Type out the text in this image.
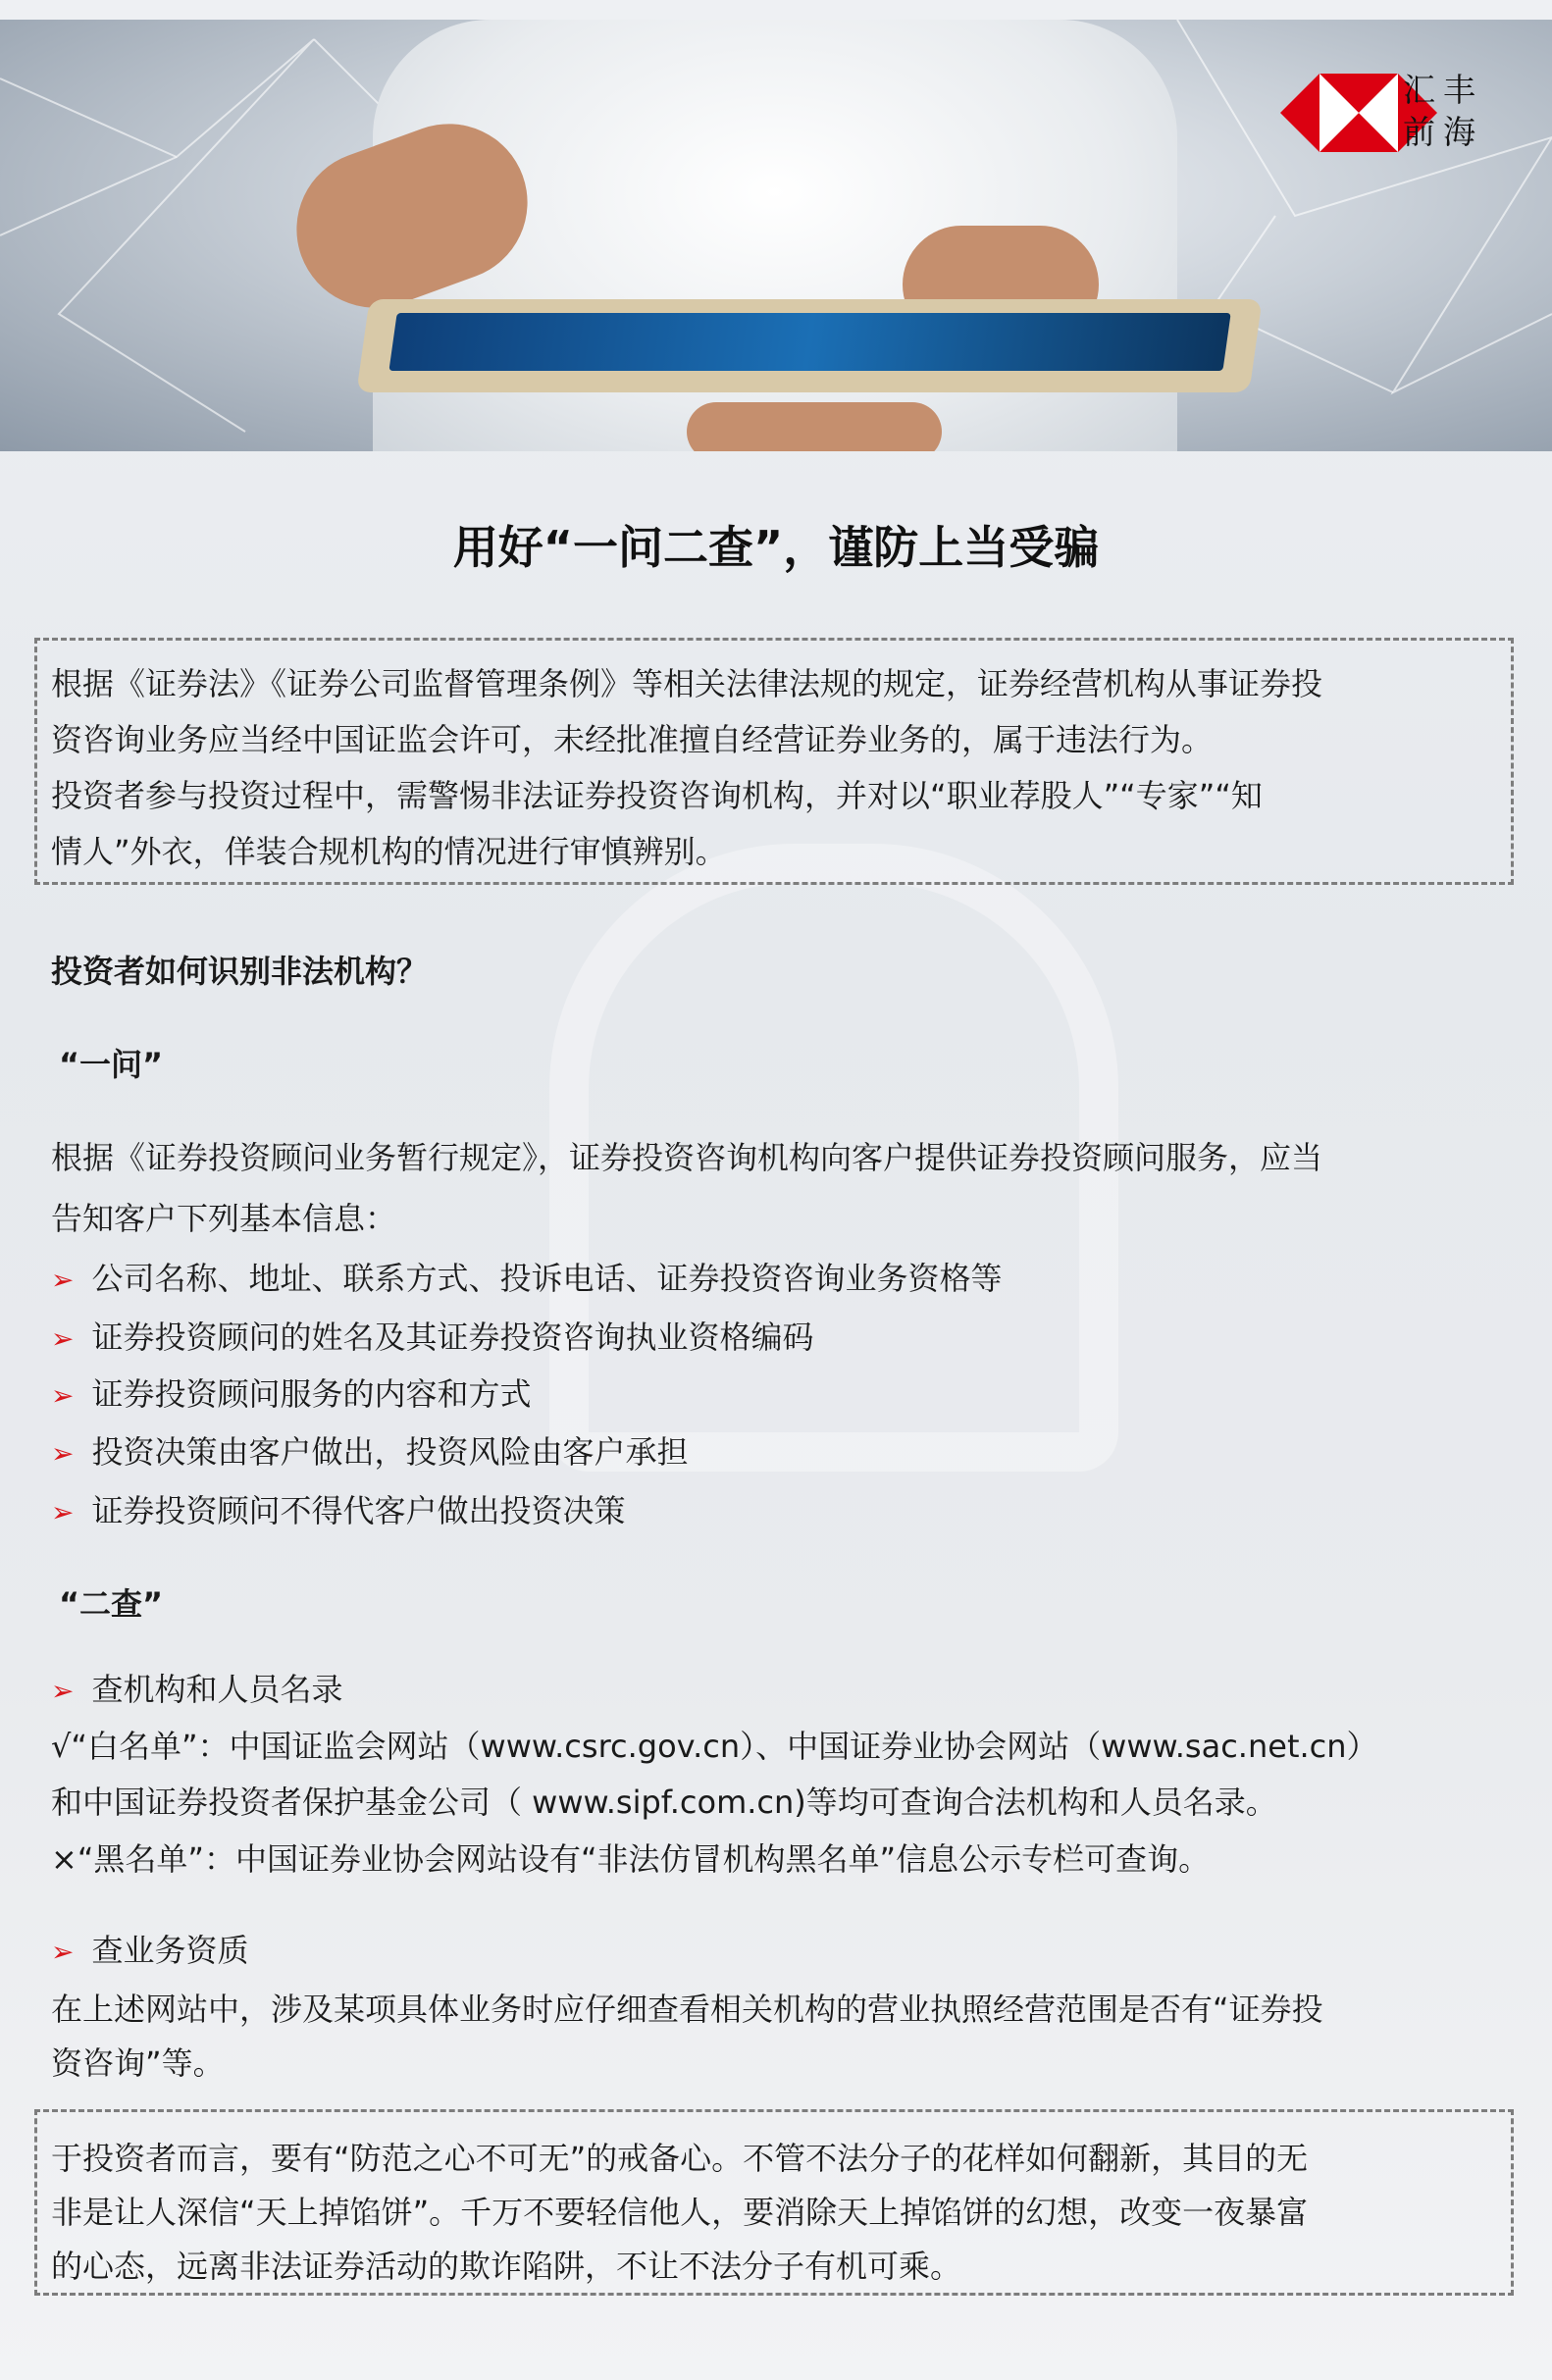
汇丰
前海
用好“一问二查”，谨防上当受骗
根据《证券法》《证券公司监督管理条例》等相关法律法规的规定，证券经营机构从事证券投
资咨询业务应当经中国证监会许可，未经批准擅自经营证券业务的，属于违法行为。
投资者参与投资过程中，需警惕非法证券投资咨询机构，并对以“职业荐股人”“专家”“知
情人”外衣，佯装合规机构的情况进行审慎辨别。
投资者如何识别非法机构？
“一问”
根据《证券投资顾问业务暂行规定》，证券投资咨询机构向客户提供证券投资顾问服务，应当
告知客户下列基本信息：
➢ 公司名称、地址、联系方式、投诉电话、证券投资咨询业务资格等
➢ 证券投资顾问的姓名及其证券投资咨询执业资格编码
➢ 证券投资顾问服务的内容和方式
➢ 投资决策由客户做出，投资风险由客户承担
➢ 证券投资顾问不得代客户做出投资决策
“二查”
➢ 查机构和人员名录
√“白名单”：中国证监会网站（www.csrc.gov.cn）、中国证券业协会网站（www.sac.net.cn）
和中国证券投资者保护基金公司（ www.sipf.com.cn)等均可查询合法机构和人员名录。
×“黑名单”：中国证券业协会网站设有“非法仿冒机构黑名单”信息公示专栏可查询。
➢ 查业务资质
在上述网站中，涉及某项具体业务时应仔细查看相关机构的营业执照经营范围是否有“证券投
资咨询”等。
于投资者而言，要有“防范之心不可无”的戒备心。不管不法分子的花样如何翻新，其目的无
非是让人深信“天上掉馅饼”。千万不要轻信他人，要消除天上掉馅饼的幻想，改变一夜暴富
的心态，远离非法证券活动的欺诈陷阱，不让不法分子有机可乘。
